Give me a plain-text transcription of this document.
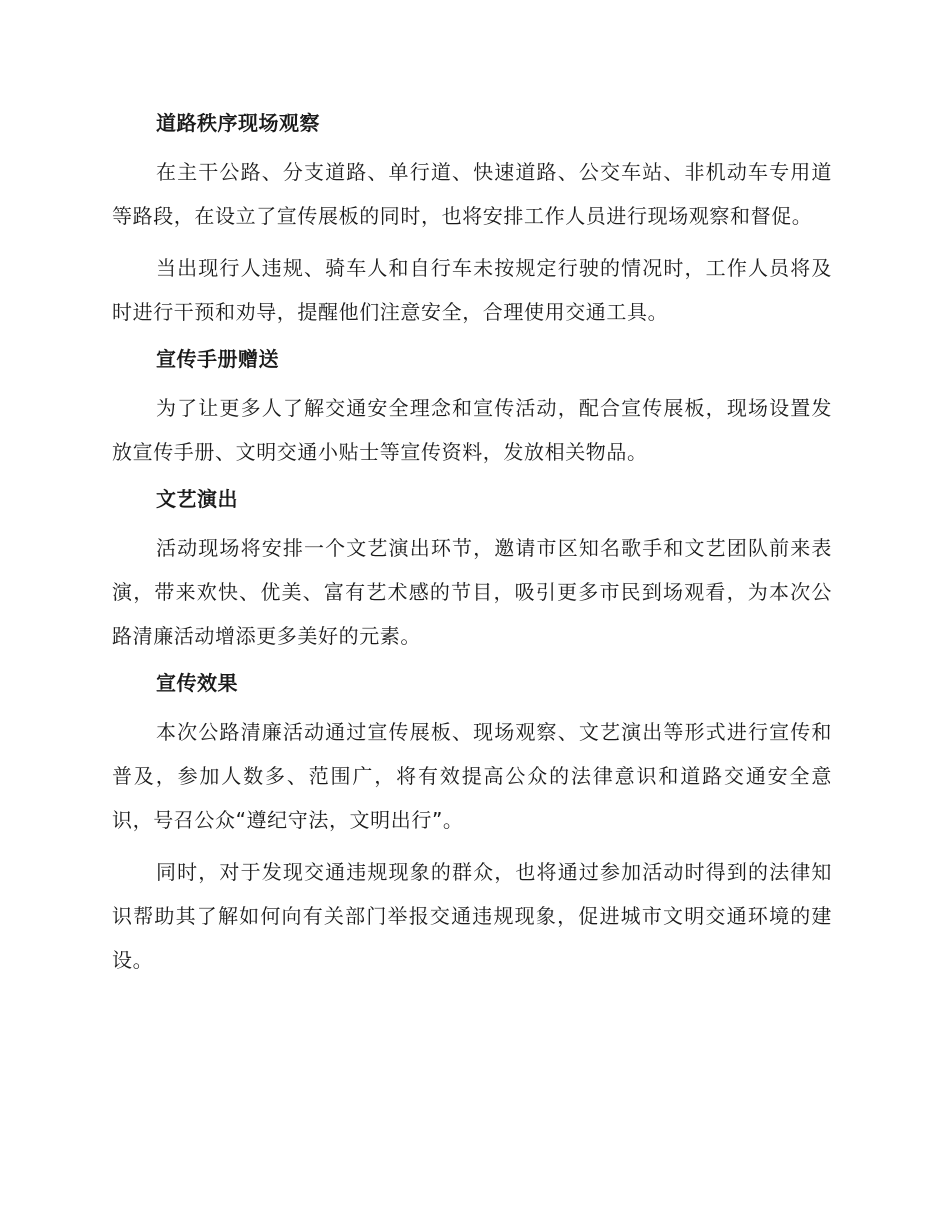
道路秩序现场观察

在主干公路、分支道路、单行道、快速道路、公交车站、非机动车专用道等路段，在设立了宣传展板的同时，也将安排工作人员进行现场观察和督促。

当出现行人违规、骑车人和自行车未按规定行驶的情况时，工作人员将及时进行干预和劝导，提醒他们注意安全，合理使用交通工具。

宣传手册赠送

为了让更多人了解交通安全理念和宣传活动，配合宣传展板，现场设置发放宣传手册、文明交通小贴士等宣传资料，发放相关物品。

文艺演出

活动现场将安排一个文艺演出环节，邀请市区知名歌手和文艺团队前来表演，带来欢快、优美、富有艺术感的节目，吸引更多市民到场观看，为本次公路清廉活动增添更多美好的元素。

宣传效果

本次公路清廉活动通过宣传展板、现场观察、文艺演出等形式进行宣传和普及，参加人数多、范围广，将有效提高公众的法律意识和道路交通安全意识，号召公众“遵纪守法，文明出行”。

同时，对于发现交通违规现象的群众，也将通过参加活动时得到的法律知识帮助其了解如何向有关部门举报交通违规现象，促进城市文明交通环境的建设。
